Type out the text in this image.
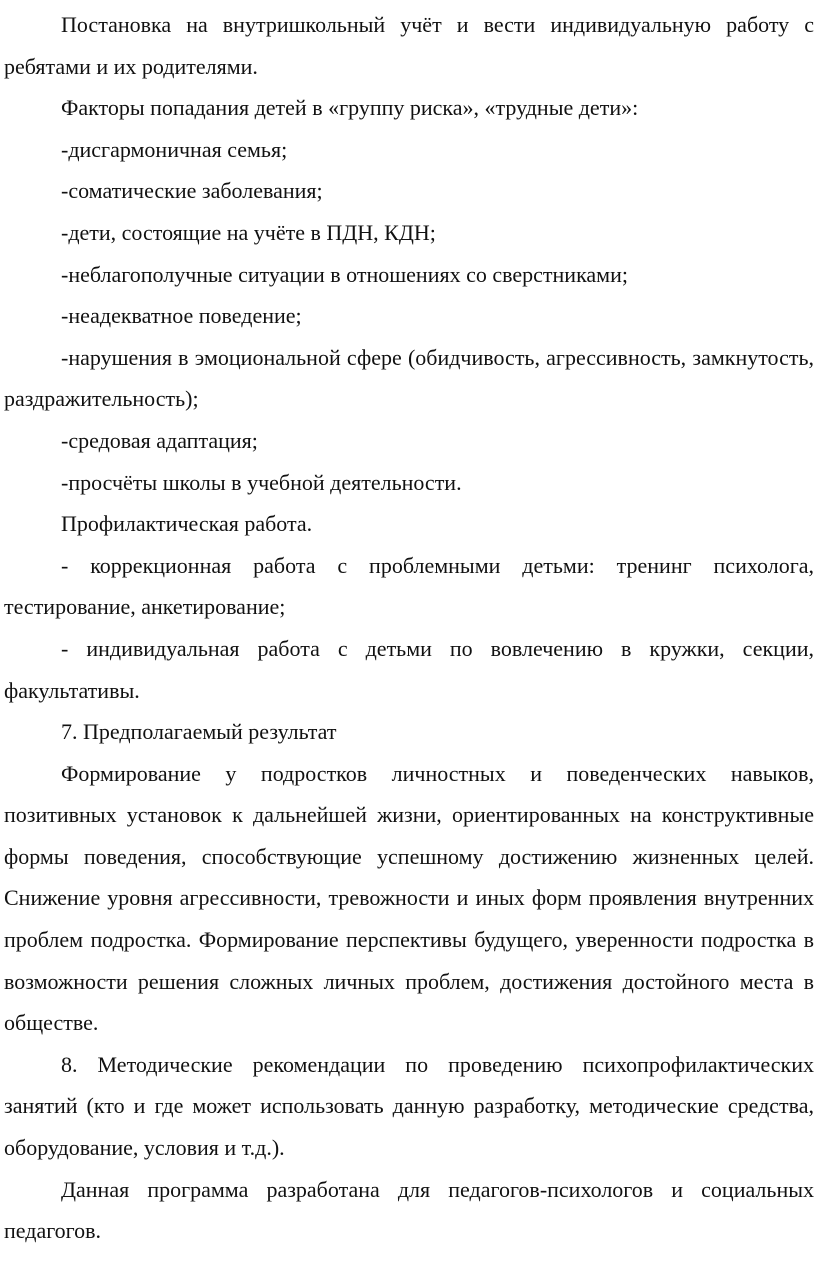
Постановка на внутришкольный учёт и вести индивидуальную работу с ребятами и их родителями.

Факторы попадания детей в «группу риска», «трудные дети»:

-дисгармоничная семья;

-соматические заболевания;

-дети, состоящие на учёте в ПДН, КДН;

-неблагополучные ситуации в отношениях со сверстниками;

-неадекватное поведение;

-нарушения в эмоциональной сфере (обидчивость, агрессивность, замкнутость, раздражительность);

-средовая адаптация;

-просчёты школы в учебной деятельности.

Профилактическая работа.

- коррекционная работа с проблемными детьми: тренинг психолога, тестирование, анкетирование;

- индивидуальная работа с детьми по вовлечению в кружки, секции, факультативы.

7. Предполагаемый результат

Формирование у подростков личностных и поведенческих навыков, позитивных установок к дальнейшей жизни, ориентированных на конструктивные формы поведения, способствующие успешному достижению жизненных целей. Снижение уровня агрессивности, тревожности и иных форм проявления внутренних проблем подростка. Формирование перспективы будущего, уверенности подростка в возможности решения сложных личных проблем, достижения достойного места в обществе.

8. Методические рекомендации по проведению психопрофилактических занятий (кто и где может использовать данную разработку, методические средства, оборудование, условия и т.д.).

Данная программа разработана для педагогов-психологов и социальных педагогов.
